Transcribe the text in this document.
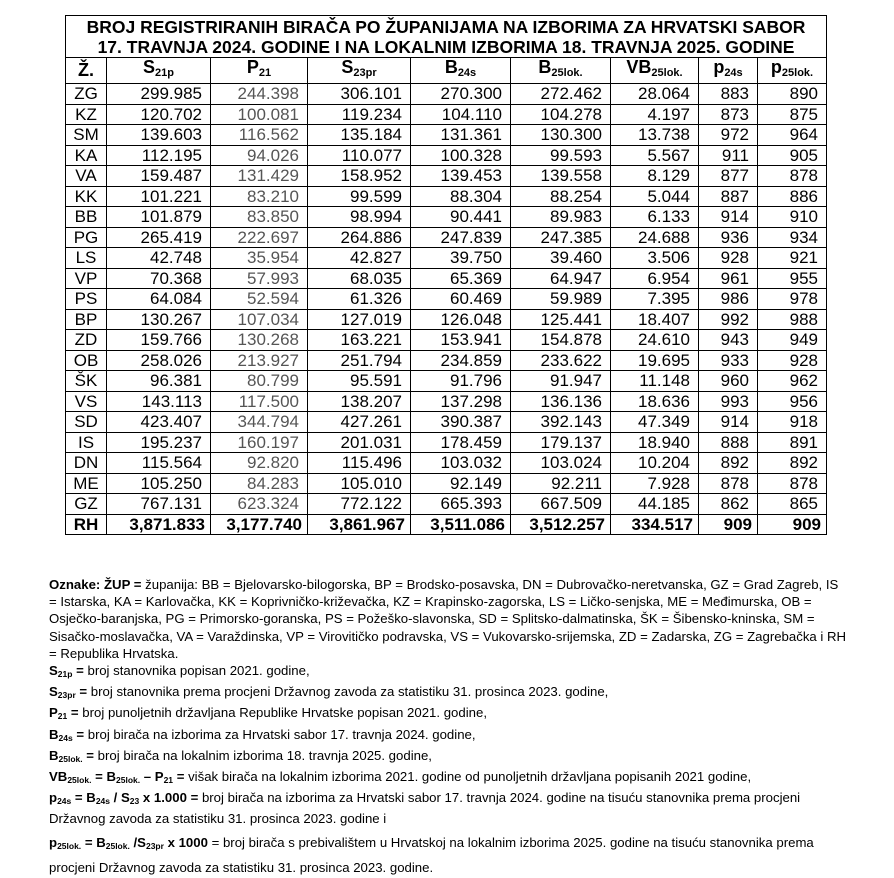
BROJ REGISTRIRANIH BIRAČA PO ŽUPANIJAMA NA IZBORIMA ZA HRVATSKI SABOR
17. TRAVNJA 2024. GODINE I NA LOKALNIM IZBORIMA 18. TRAVNJA 2025. GODINE								

Ž.	$S_{21p}$	$P_{21}$	$S_{23pr}$	$B_{24s}$	$B_{25lok.}$	$VB_{25lok.}$	$p_{24s}$	$p_{25lok.}$
ZG	299.985	244.398	306.101	270.300	272.462	28.064	883	890
KZ	120.702	100.081	119.234	104.110	104.278	4.197	873	875
SM	139.603	116.562	135.184	131.361	130.300	13.738	972	964
KA	112.195	94.026	110.077	100.328	99.593	5.567	911	905
VA	159.487	131.429	158.952	139.453	139.558	8.129	877	878
KK	101.221	83.210	99.599	88.304	88.254	5.044	887	886
BB	101.879	83.850	98.994	90.441	89.983	6.133	914	910
PG	265.419	222.697	264.886	247.839	247.385	24.688	936	934
LS	42.748	35.954	42.827	39.750	39.460	3.506	928	921
VP	70.368	57.993	68.035	65.369	64.947	6.954	961	955
PS	64.084	52.594	61.326	60.469	59.989	7.395	986	978
BP	130.267	107.034	127.019	126.048	125.441	18.407	992	988
ZD	159.766	130.268	163.221	153.941	154.878	24.610	943	949
OB	258.026	213.927	251.794	234.859	233.622	19.695	933	928
ŠK	96.381	80.799	95.591	91.796	91.947	11.148	960	962
VS	143.113	117.500	138.207	137.298	136.136	18.636	993	956
SD	423.407	344.794	427.261	390.387	392.143	47.349	914	918
IS	195.237	160.197	201.031	178.459	179.137	18.940	888	891
DN	115.564	92.820	115.496	103.032	103.024	10.204	892	892
ME	105.250	84.283	105.010	92.149	92.211	7.928	878	878
GZ	767.131	623.324	772.122	665.393	667.509	44.185	862	865
RH	3,871.833	3,177.740	3,861.967	3,511.086	3,512.257	334.517	909	909

Oznake: ŽUP = županija: BB = Bjelovarsko-bilogorska, BP = Brodsko-posavska, DN = Dubrovačko-neretvanska, GZ = Grad Zagreb, IS = Istarska, KA = Karlovačka, KK = Koprivničko-križevačka, KZ = Krapinsko-zagorska, LS = Ličko-senjska, ME = Međimurska, OB = Osječko-baranjska, PG = Primorsko-goranska, PS = Požeško-slavonska, SD = Splitsko-dalmatinska, ŠK = Šibensko-kninska, SM = Sisačko-moslavačka, VA = Varaždinska, VP = Virovitičko podravska, VS = Vukovarsko-srijemska, ZD = Zadarska, ZG = Zagrebačka i RH = Republika Hrvatska.

$S_{21p}$ = broj stanovnika popisan 2021. godine,

$S_{23pr}$ = broj stanovnika prema procjeni Državnog zavoda za statistiku 31. prosinca 2023. godine,

$P_{21}$ = broj punoljetnih državljana Republike Hrvatske popisan 2021. godine,

$B_{24s}$ = broj birača na izborima za Hrvatski sabor 17. travnja 2024. godine,

$B_{25lok.}$ = broj birača na lokalnim izborima 18. travnja 2025. godine,

$VB_{25lok.} = B_{25lok.} - P_{21}$ = višak birača na lokalnim izborima 2021. godine od punoljetnih državljana popisanih 2021 godine,

$p_{24s} = B_{24s} / S_{23}$ x 1.000 = broj birača na izborima za Hrvatski sabor 17. travnja 2024. godine na tisuću stanovnika prema procjeni Državnog zavoda za statistiku 31. prosinca 2023. godine i

$p_{25lok.} = B_{25lok.}$ $/S_{23pr}$ x 1000 = broj birača s prebivalištem u Hrvatskoj na lokalnim izborima 2025. godine na tisuću stanovnika prema procjeni Državnog zavoda za statistiku 31. prosinca 2023. godine.
